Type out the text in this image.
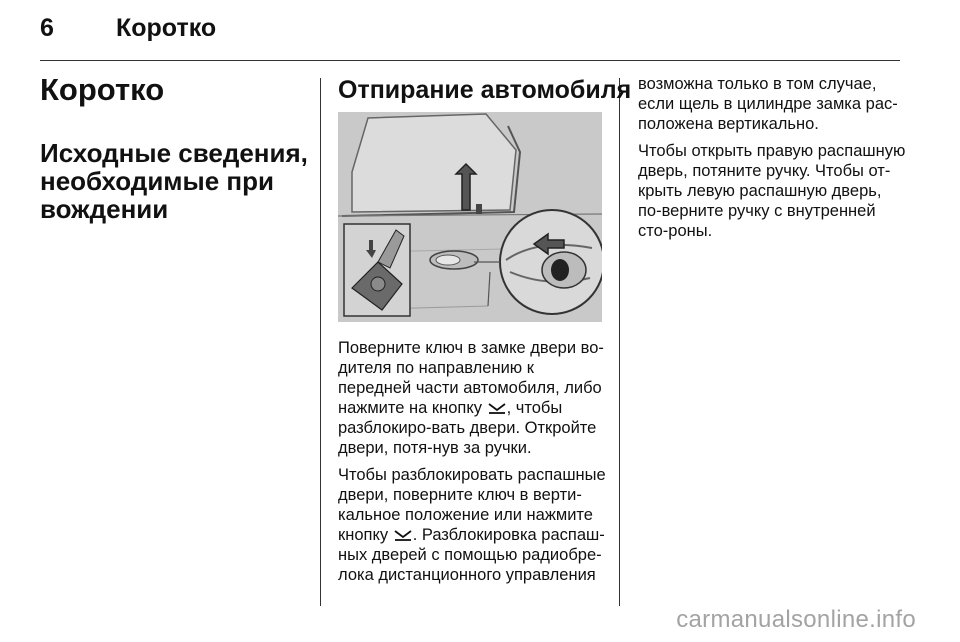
6 Коротко
Коротко
Исходные сведения, необходимые при вождении
Отпирание автомобиля

Поверните ключ в замке двери во-дителя по направлению к передней части автомобиля, либо нажмите на кнопку , чтобы разблокиро-вать двери. Откройте двери, потя-нув за ручки.

Чтобы разблокировать распашные двери, поверните ключ в верти-кальное положение или нажмите кнопку . Разблокировка распаш-ных дверей с помощью радиобре-лока дистанционного управления

возможна только в том случае, если щель в цилиндре замка рас-положена вертикально.

Чтобы открыть правую распашную дверь, потяните ручку. Чтобы от-крыть левую распашную дверь, по-верните ручку с внутренней сто-роны.

carmanualsonline.info
